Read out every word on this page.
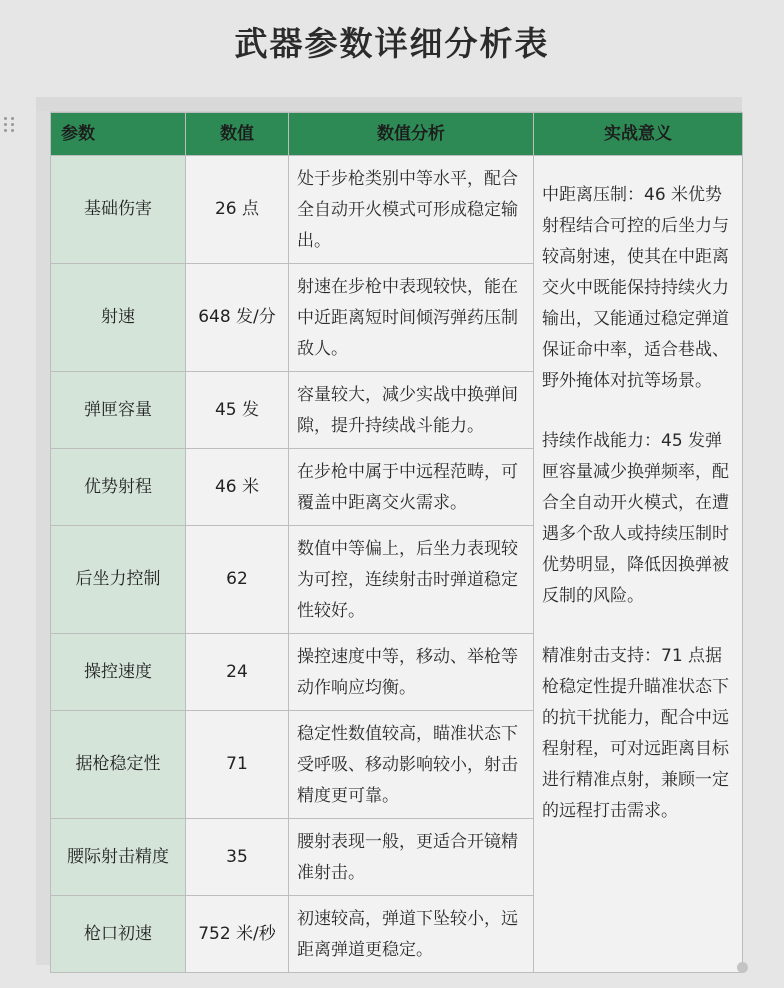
武器参数详细分析表
参数	数值	数值分析	实战意义
基础伤害	26 点	处于步枪类别中等水平，配合全自动开火模式可形成稳定输出。	中距离压制：46 米优势射程结合可控的后坐力与较高射速，使其在中距离交火中既能保持持续火力输出，又能通过稳定弹道保证命中率，适合巷战、野外掩体对抗等场景。
持续作战能力：45 发弹匣容量减少换弹频率，配合全自动开火模式，在遭遇多个敌人或持续压制时优势明显，降低因换弹被反制的风险。
精准射击支持：71 点据枪稳定性提升瞄准状态下的抗干扰能力，配合中远程射程，可对远距离目标进行精准点射，兼顾一定的远程打击需求。

射速	648 发/分	射速在步枪中表现较快，能在中近距离短时间倾泻弹药压制敌人。	
弹匣容量	45 发	容量较大，减少实战中换弹间隙，提升持续战斗能力。	
优势射程	46 米	在步枪中属于中远程范畴，可覆盖中距离交火需求。	
后坐力控制	62	数值中等偏上，后坐力表现较为可控，连续射击时弹道稳定性较好。	
操控速度	24	操控速度中等，移动、举枪等动作响应均衡。	
据枪稳定性	71	稳定性数值较高，瞄准状态下受呼吸、移动影响较小，射击精度更可靠。	
腰际射击精度	35	腰射表现一般，更适合开镜精准射击。	
枪口初速	752 米/秒	初速较高，弹道下坠较小，远距离弹道更稳定。	
